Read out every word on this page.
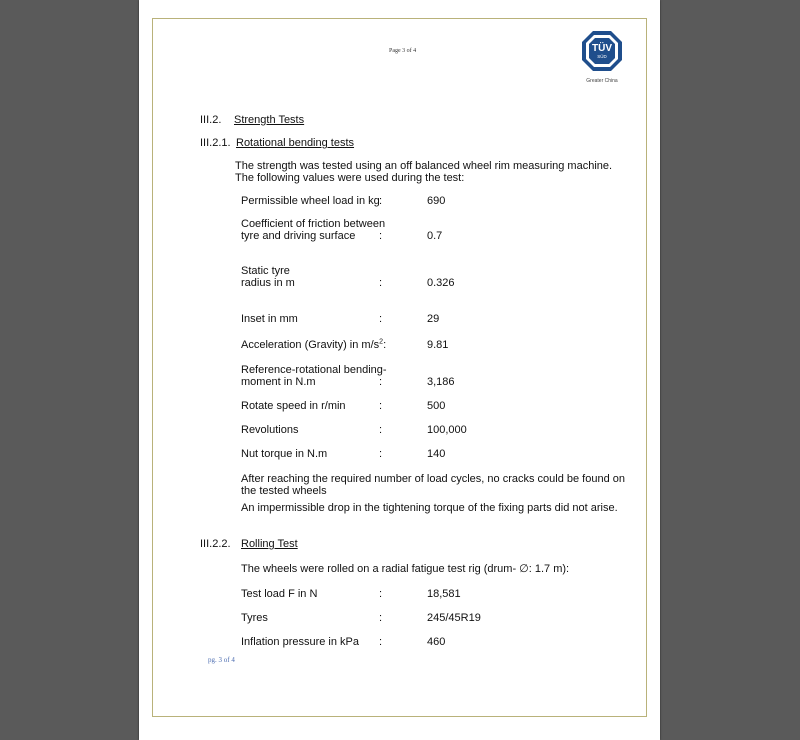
Page 3 of 4	TÜV
SÜD
Greater China
III.2. Strength Tests
III.2.1. Rotational bending tests
The strength was tested using an off balanced wheel rim measuring machine.
The following values were used during the test:
Permissible wheel load in kg :	690
Coefficient of friction between
tyre and driving surface :	0.7
Static tyre
radius in m	:	0.326
Inset in mm	:	29
Acceleration (Gravity) in $m/s^2$:	9.81
Reference-rotational bending-
moment in N.m	:	3,186
Rotate speed in r/min	:	500
Revolutions	:	100,000
Nut torque in N.m	:	140
After reaching the required number of load cycles, no cracks could be found on
the tested wheels
An impermissible drop in the tightening torque of the fixing parts did not arise.
III.2.2. Rolling Test
The wheels were rolled on a radial fatigue test rig (drum- ∅: 1.7 m):
Test load F in N	:	18,581
Tyres	:	245/45R19
Inflation pressure in kPa :	460
pg. 3 of 4
